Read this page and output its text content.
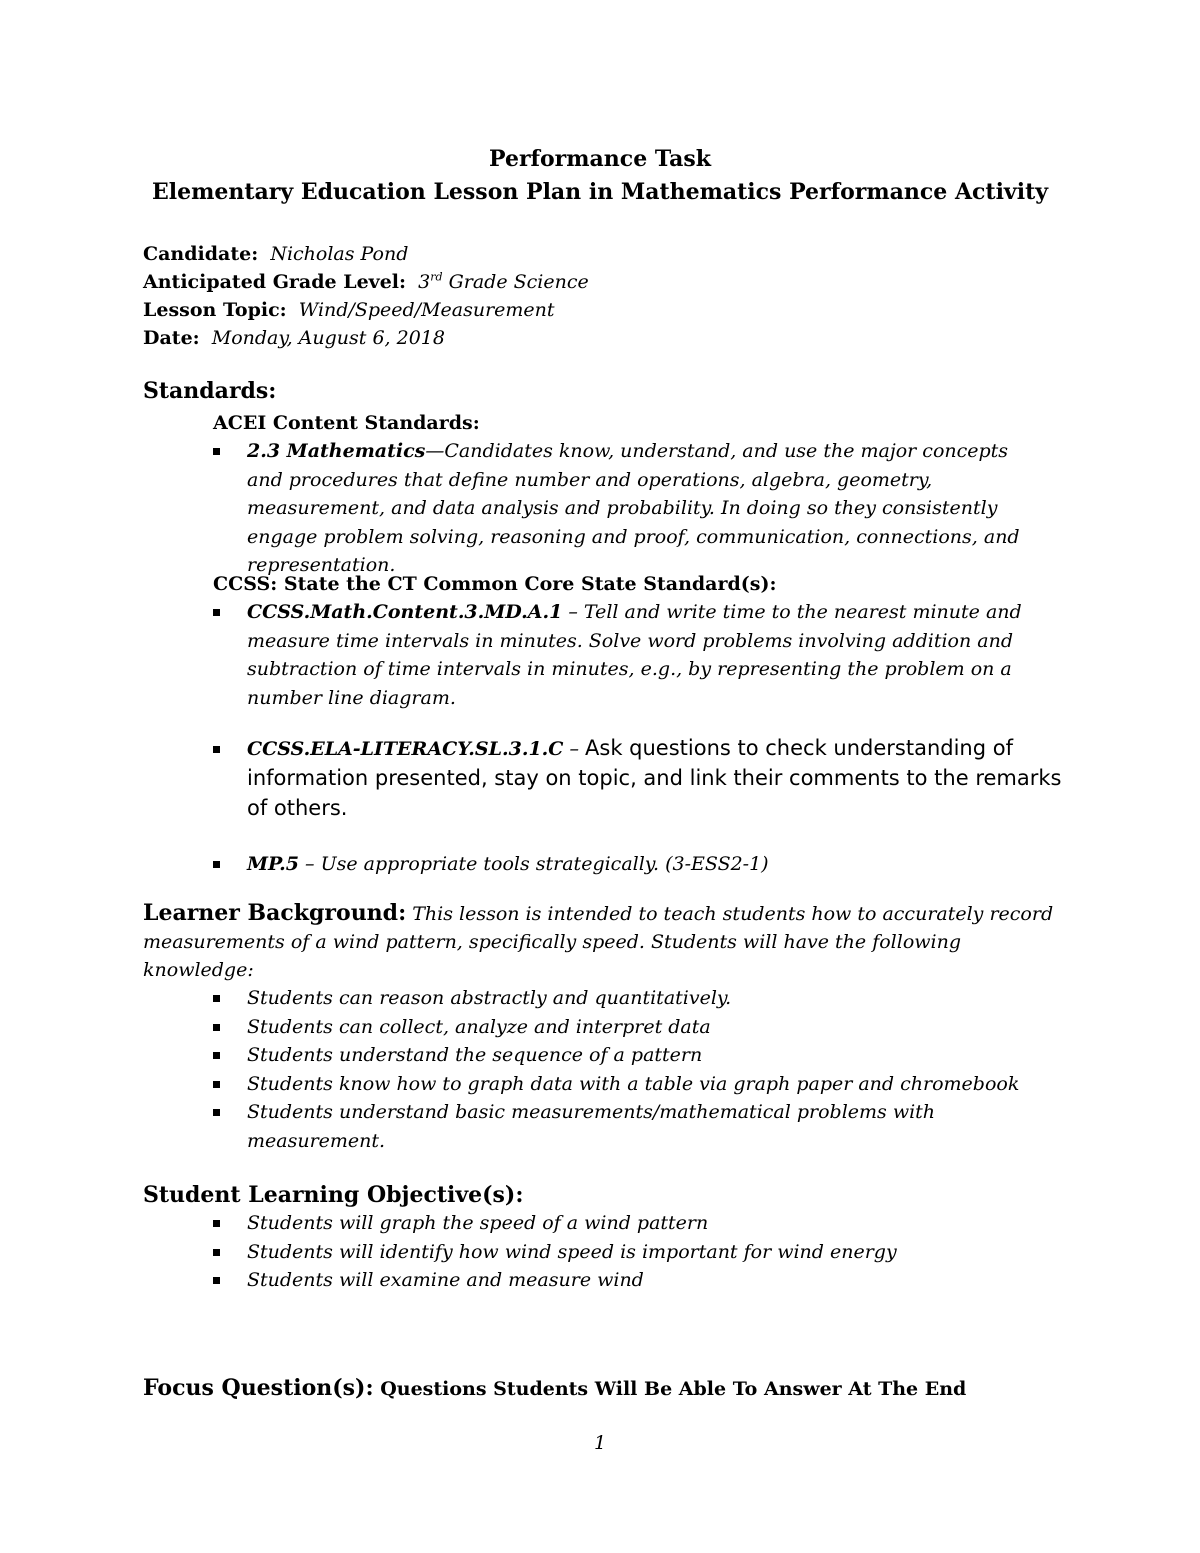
Performance Task
Elementary Education Lesson Plan in Mathematics Performance Activity
Candidate: Nicholas Pond
Anticipated Grade Level: 3rd Grade Science
Lesson Topic: Wind/Speed/Measurement
Date: Monday, August 6, 2018
Standards:
ACEI Content Standards:
2.3 Mathematics—Candidates know, understand, and use the major concepts and procedures that define number and operations, algebra, geometry, measurement, and data analysis and probability. In doing so they consistently engage problem solving, reasoning and proof, communication, connections, and representation.
CCSS: State the CT Common Core State Standard(s):
CCSS.Math.Content.3.MD.A.1 – Tell and write time to the nearest minute and measure time intervals in minutes. Solve word problems involving addition and subtraction of time intervals in minutes, e.g., by representing the problem on a number line diagram.
CCSS.ELA-LITERACY.SL.3.1.C – Ask questions to check understanding of information presented, stay on topic, and link their comments to the remarks of others.
MP.5 – Use appropriate tools strategically. (3-ESS2-1)
Learner Background: This lesson is intended to teach students how to accurately record measurements of a wind pattern, specifically speed. Students will have the following knowledge:
Students can reason abstractly and quantitatively.
Students can collect, analyze and interpret data
Students understand the sequence of a pattern
Students know how to graph data with a table via graph paper and chromebook
Students understand basic measurements/mathematical problems with measurement.
Student Learning Objective(s):
Students will graph the speed of a wind pattern
Students will identify how wind speed is important for wind energy
Students will examine and measure wind
Focus Question(s): Questions Students Will Be Able To Answer At The End
1
